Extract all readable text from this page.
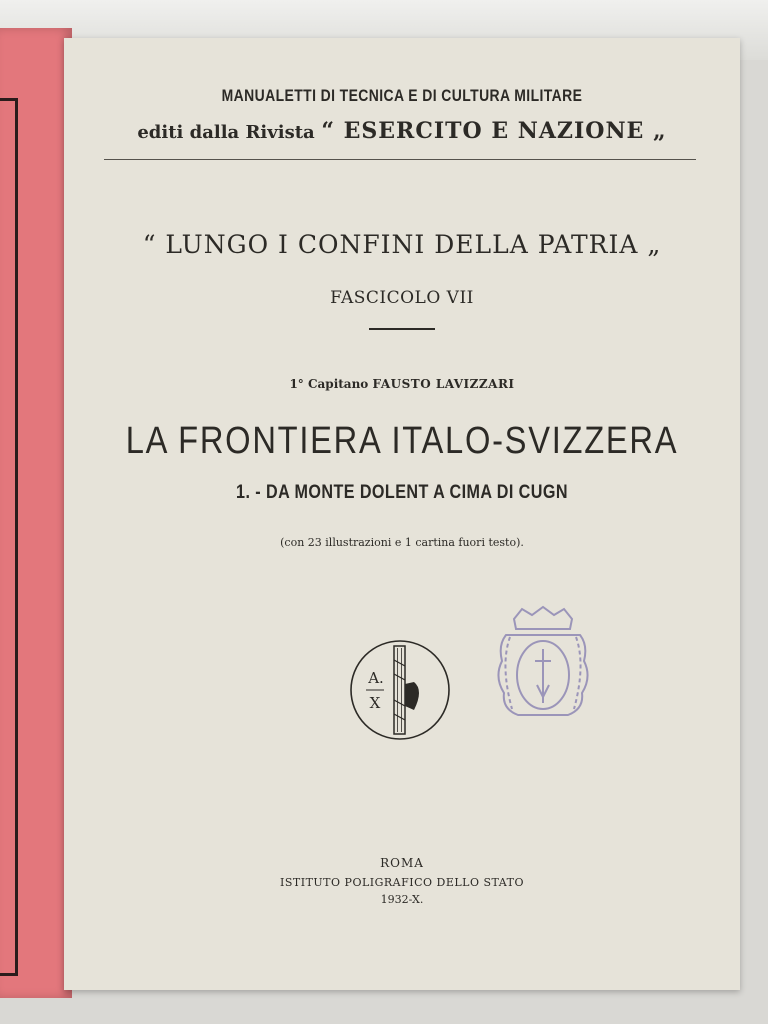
MANUALETTI DI TECNICA E DI CULTURA MILITARE
editi dalla Rivista “ ESERCITO E NAZIONE „
“ LUNGO I CONFINI DELLA PATRIA „
FASCICOLO VII
1° Capitano FAUSTO LAVIZZARI
LA FRONTIERA ITALO-SVIZZERA
1. - DA MONTE DOLENT A CIMA DI CUGN
(con 23 illustrazioni e 1 cartina fuori testo).
A.
X
ROMA
ISTITUTO POLIGRAFICO DELLO STATO
1932-X.
